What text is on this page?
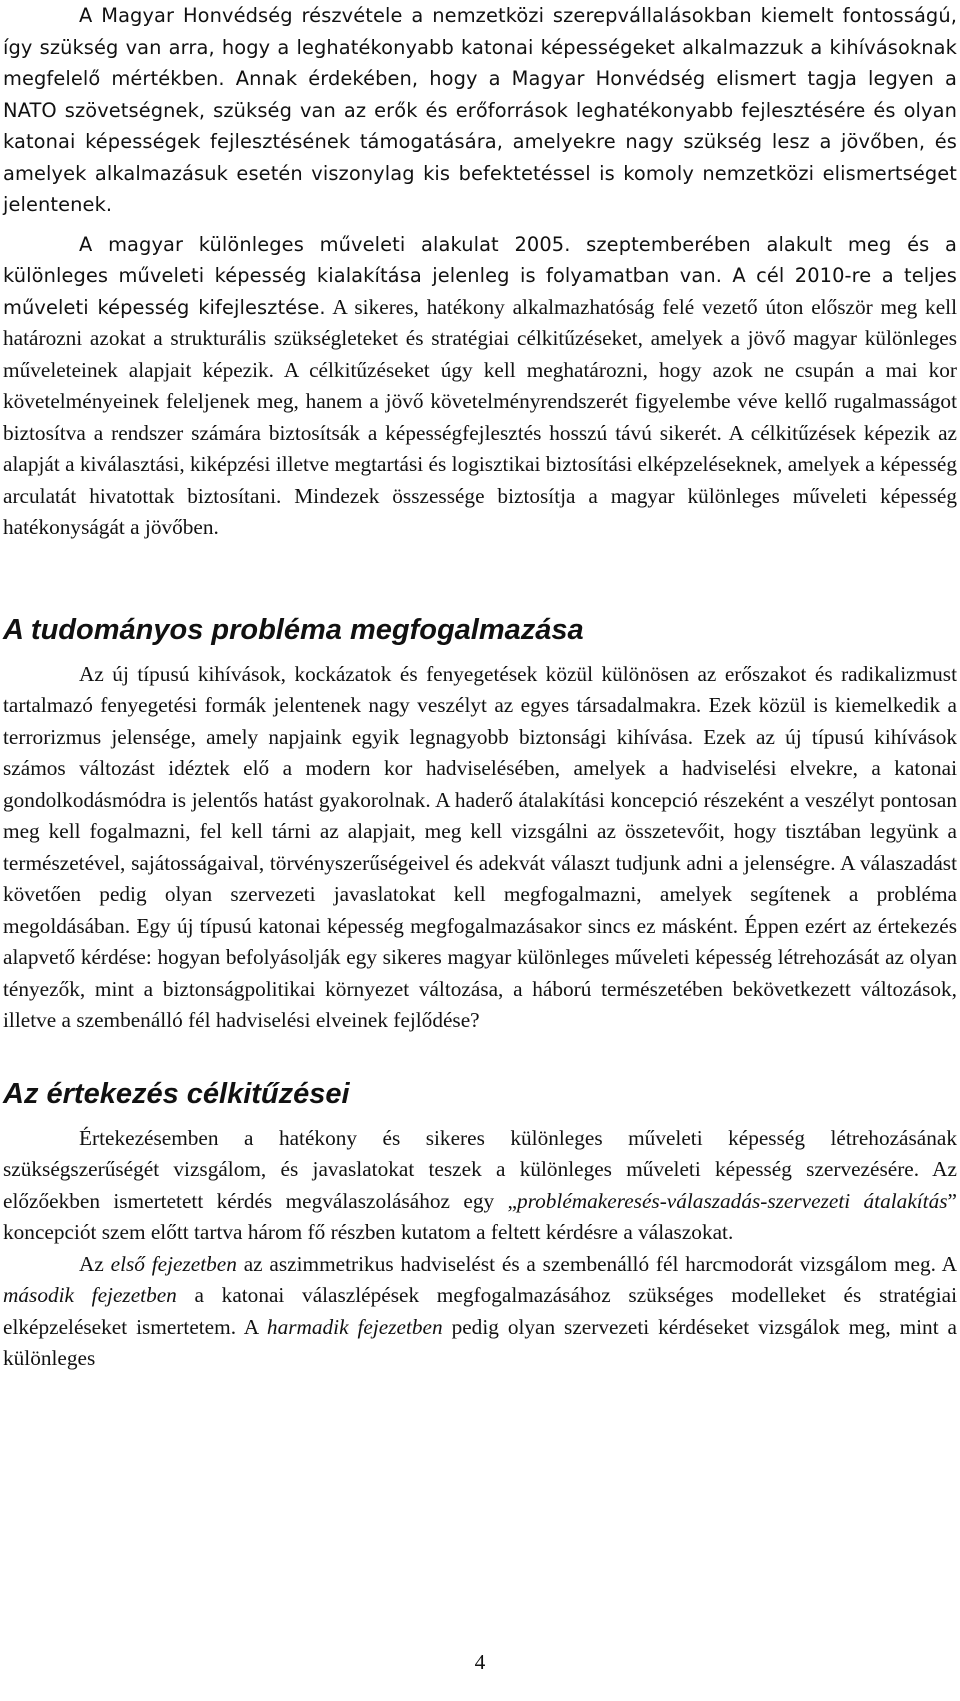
A Magyar Honvédség részvétele a nemzetközi szerepvállalásokban kiemelt fontosságú, így szükség van arra, hogy a leghatékonyabb katonai képességeket alkalmazzuk a kihívásoknak megfelelő mértékben. Annak érdekében, hogy a Magyar Honvédség elismert tagja legyen a NATO szövetségnek, szükség van az erők és erőforrások leghatékonyabb fejlesztésére és olyan katonai képességek fejlesztésének támogatására, amelyekre nagy szükség lesz a jövőben, és amelyek alkalmazásuk esetén viszonylag kis befektetéssel is komoly nemzetközi elismertséget jelentenek.

A magyar különleges műveleti alakulat 2005. szeptemberében alakult meg és a különleges műveleti képesség kialakítása jelenleg is folyamatban van. A cél 2010-re a teljes műveleti képesség kifejlesztése. A sikeres, hatékony alkalmazhatóság felé vezető úton először meg kell határozni azokat a strukturális szükségleteket és stratégiai célkitűzéseket, amelyek a jövő magyar különleges műveleteinek alapjait képezik. A célkitűzéseket úgy kell meghatározni, hogy azok ne csupán a mai kor követelményeinek feleljenek meg, hanem a jövő követelményrendszerét figyelembe véve kellő rugalmasságot biztosítva a rendszer számára biztosítsák a képességfejlesztés hosszú távú sikerét. A célkitűzések képezik az alapját a kiválasztási, kiképzési illetve megtartási és logisztikai biztosítási elképzeléseknek, amelyek a képesség arculatát hivatottak biztosítani. Mindezek összessége biztosítja a magyar különleges műveleti képesség hatékonyságát a jövőben.

A tudományos probléma megfogalmazása

Az új típusú kihívások, kockázatok és fenyegetések közül különösen az erőszakot és radikalizmust tartalmazó fenyegetési formák jelentenek nagy veszélyt az egyes társadalmakra. Ezek közül is kiemelkedik a terrorizmus jelensége, amely napjaink egyik legnagyobb biztonsági kihívása. Ezek az új típusú kihívások számos változást idéztek elő a modern kor hadviselésében, amelyek a hadviselési elvekre, a katonai gondolkodásmódra is jelentős hatást gyakorolnak. A haderő átalakítási koncepció részeként a veszélyt pontosan meg kell fogalmazni, fel kell tárni az alapjait, meg kell vizsgálni az összetevőit, hogy tisztában legyünk a természetével, sajátosságaival, törvényszerűségeivel és adekvát választ tudjunk adni a jelenségre. A válaszadást követően pedig olyan szervezeti javaslatokat kell megfogalmazni, amelyek segítenek a probléma megoldásában. Egy új típusú katonai képesség megfogalmazásakor sincs ez másként. Éppen ezért az értekezés alapvető kérdése: hogyan befolyásolják egy sikeres magyar különleges műveleti képesség létrehozását az olyan tényezők, mint a biztonságpolitikai környezet változása, a háború természetében bekövetkezett változások, illetve a szembenálló fél hadviselési elveinek fejlődése?

Az értekezés célkitűzései

Értekezésemben a hatékony és sikeres különleges műveleti képesség létrehozásának szükségszerűségét vizsgálom, és javaslatokat teszek a különleges műveleti képesség szervezésére. Az előzőekben ismertetett kérdés megválaszolásához egy „problémakeresés-válaszadás-szervezeti átalakítás” koncepciót szem előtt tartva három fő részben kutatom a feltett kérdésre a válaszokat.

Az első fejezetben az aszimmetrikus hadviselést és a szembenálló fél harcmodorát vizsgálom meg. A második fejezetben a katonai válaszlépések megfogalmazásához szükséges modelleket és stratégiai elképzeléseket ismertetem. A harmadik fejezetben pedig olyan szervezeti kérdéseket vizsgálok meg, mint a különleges

4
